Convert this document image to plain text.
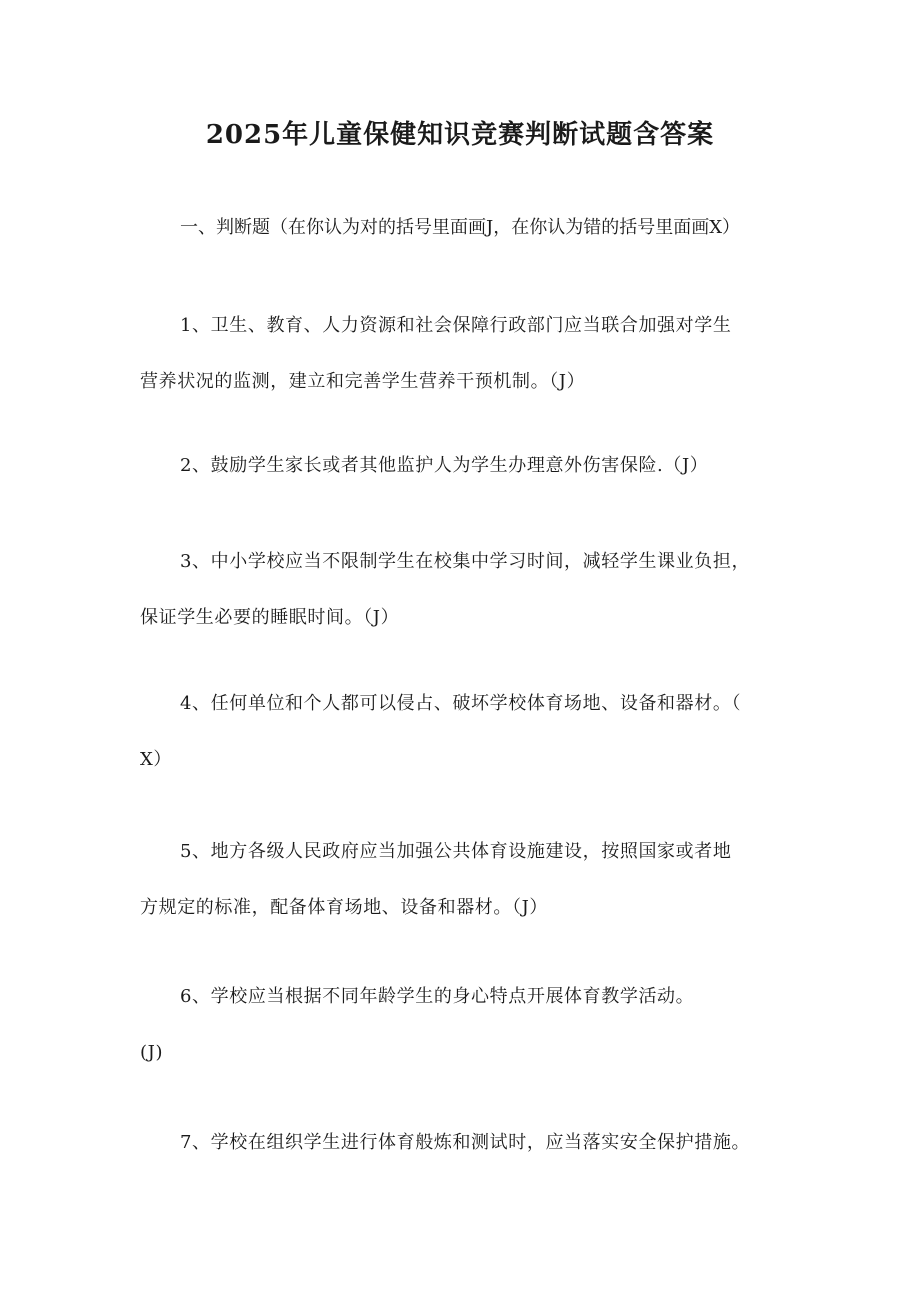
2025年儿童保健知识竞赛判断试题含答案
一、判断题（在你认为对的括号里面画J，在你认为错的括号里面画X）
1、卫生、教育、人力资源和社会保障行政部门应当联合加强对学生
营养状况的监测，建立和完善学生营养干预机制。（J）
2、鼓励学生家长或者其他监护人为学生办理意外伤害保险.（J）
3、中小学校应当不限制学生在校集中学习时间，减轻学生课业负担，
保证学生必要的睡眠时间。（J）
4、任何单位和个人都可以侵占、破坏学校体育场地、设备和器材。（
X）
5、地方各级人民政府应当加强公共体育设施建设，按照国家或者地
方规定的标准，配备体育场地、设备和器材。（J）
6、学校应当根据不同年龄学生的身心特点开展体育教学活动。
(J)
7、学校在组织学生进行体育般炼和测试时，应当落实安全保护措施。
